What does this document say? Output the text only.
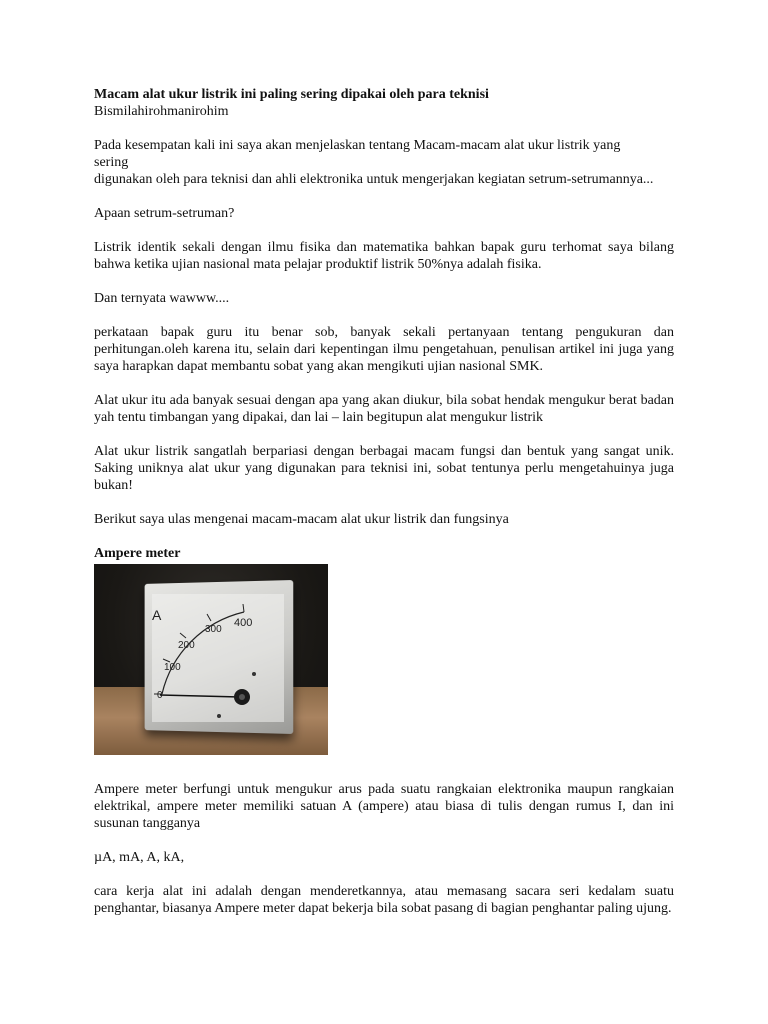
Macam alat ukur listrik ini paling sering dipakai oleh para teknisi

Bismilahirohmanirohim

Pada kesempatan kali ini saya akan menjelaskan tentang Macam-macam alat ukur listrik yang

sering

digunakan oleh para teknisi dan ahli elektronika untuk mengerjakan kegiatan setrum-setrumannya...

Apaan setrum-setruman?

Listrik identik sekali dengan ilmu fisika dan matematika bahkan bapak guru terhomat saya bilang bahwa ketika ujian nasional mata pelajar produktif listrik 50%nya adalah fisika.

Dan ternyata wawww....

perkataan bapak guru itu benar sob, banyak sekali pertanyaan tentang pengukuran dan perhitungan.oleh karena itu, selain dari kepentingan ilmu pengetahuan, penulisan artikel ini juga yang saya harapkan dapat membantu sobat yang akan mengikuti ujian nasional SMK.

Alat ukur itu ada banyak sesuai dengan apa yang akan diukur, bila sobat hendak mengukur berat badan yah tentu timbangan yang dipakai, dan lai – lain begitupun alat mengukur listrik

Alat ukur listrik sangatlah berpariasi dengan berbagai macam fungsi dan bentuk yang sangat unik. Saking uniknya alat ukur yang digunakan para teknisi ini, sobat tentunya perlu mengetahuinya juga bukan!

Berikut saya ulas mengenai macam-macam alat ukur listrik dan fungsinya

Ampere meter

A
0
100
200
300
400

Ampere meter berfungi untuk mengukur arus pada suatu rangkaian elektronika maupun rangkaian elektrikal, ampere meter memiliki satuan A (ampere) atau biasa di tulis dengan rumus I, dan ini susunan tangganya

µA, mA, A, kA,

cara kerja alat ini adalah dengan menderetkannya, atau memasang sacara seri kedalam suatu penghantar, biasanya Ampere meter dapat bekerja bila sobat pasang di bagian penghantar paling ujung.
